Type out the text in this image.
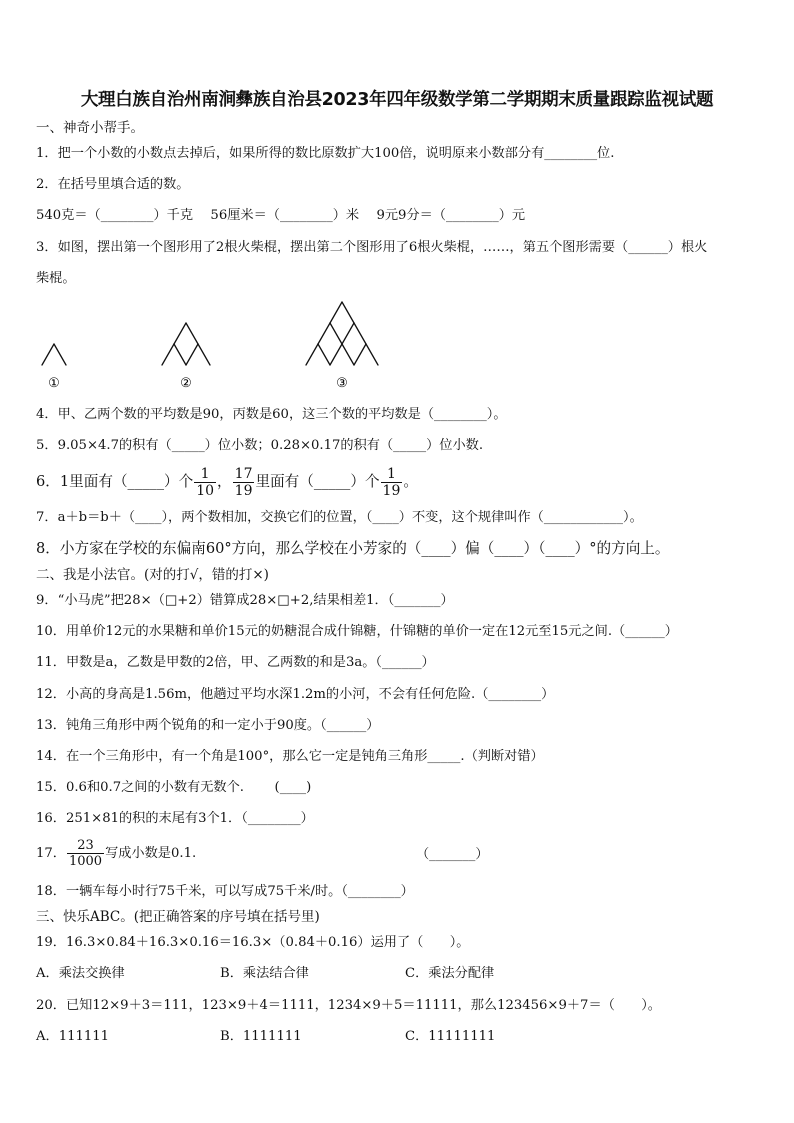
大理白族自治州南涧彝族自治县2023年四年级数学第二学期期末质量跟踪监视试题
一、神奇小帮手。
1．把一个小数的小数点去掉后，如果所得的数比原数扩大100倍，说明原来小数部分有________位.
2．在括号里填合适的数。
540克＝（________）千克　 56厘米＝（________）米　 9元9分＝（________）元
3．如图，摆出第一个图形用了2根火柴棍，摆出第二个图形用了6根火柴棍，……，第五个图形需要（______）根火
柴棍。
①	②	③
4．甲、乙两个数的平均数是90，丙数是60，这三个数的平均数是（________）。
5．9.05×4.7的积有（_____）位小数；0.28×0.17的积有（_____）位小数.
6．1里面有（_____）个 $\frac{1}{10}$ ， $\frac{17}{19}$ 里面有（_____）个 $\frac{1}{19}$ 。
7．a＋b＝b＋（____），两个数相加，交换它们的位置，（____）不变，这个规律叫作（____________）。
8．小方家在学校的东偏南60°方向，那么学校在小芳家的（____）偏（____）（____）°的方向上。
二、我是小法官。(对的打√，错的打×)
9．“小马虎”把28×（□+2）错算成28×□+2,结果相差1．（_______）
10．用单价12元的水果糖和单价15元的奶糖混合成什锦糖，什锦糖的单价一定在12元至15元之间.（______）
11．甲数是a，乙数是甲数的2倍，甲、乙两数的和是3a。（______）
12．小高的身高是1.56m，他趟过平均水深1.2m的小河，不会有任何危险.（________）
13．钝角三角形中两个锐角的和一定小于90度。（______）
14．在一个三角形中，有一个角是100°，那么它一定是钝角三角形_____.（判断对错）
15．0.6和0.7之间的小数有无数个.　　 (____)
16．251×81的积的末尾有3个1．（________）
17． $\frac{23}{1000}$ 写成小数是0.1.	（_______）
18．一辆车每小时行75千米，可以写成75千米/时。（________）
三、快乐ABC。(把正确答案的序号填在括号里)
19．16.3×0.84＋16.3×0.16＝16.3×（0.84＋0.16）运用了（　　）。
A．乘法交换律	B．乘法结合律	C．乘法分配律
20．已知12×9＋3＝111，123×9＋4＝1111，1234×9＋5＝11111，那么123456×9＋7＝（　　）。
A．111111	B．1111111	C．11111111
